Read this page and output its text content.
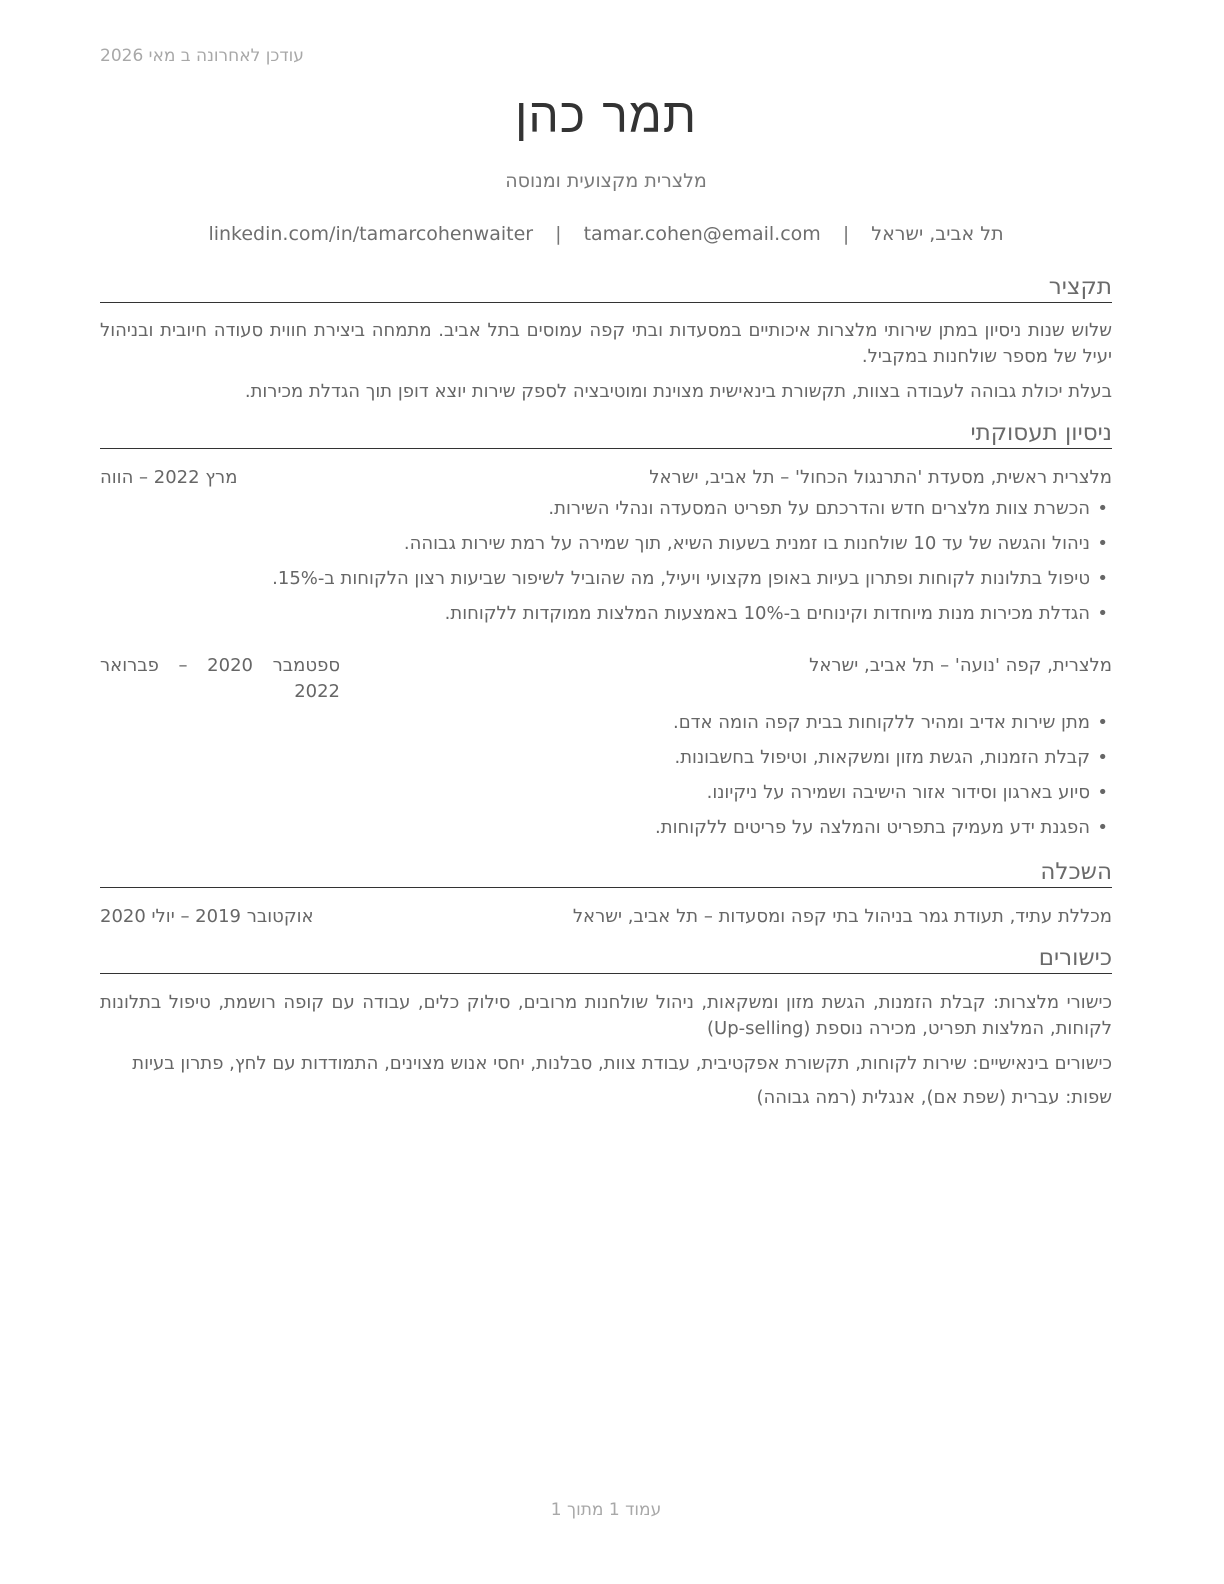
עודכן לאחרונה ב מאי 2026
תמר כהן
מלצרית מקצועית ומנוסה
תל אביב, ישראל | tamar.cohen@email.com | linkedin.com/in/tamarcohenwaiter
תקציר
שלוש שנות ניסיון במתן שירותי מלצרות איכותיים במסעדות ובתי קפה עמוסים בתל אביב. מתמחה ביצירת חווית סעודה חיובית ובניהול יעיל של מספר שולחנות במקביל.
בעלת יכולת גבוהה לעבודה בצוות, תקשורת בינאישית מצוינת ומוטיבציה לספק שירות יוצא דופן תוך הגדלת מכירות.
ניסיון תעסוקתי
מלצרית ראשית, מסעדת 'התרנגול הכחול' – תל אביב, ישראל
מרץ 2022 – הווה
• הכשרת צוות מלצרים חדש והדרכתם על תפריט המסעדה ונהלי השירות.
• ניהול והגשה של עד 10 שולחנות בו זמנית בשעות השיא, תוך שמירה על רמת שירות גבוהה.
• טיפול בתלונות לקוחות ופתרון בעיות באופן מקצועי ויעיל, מה שהוביל לשיפור שביעות רצון הלקוחות ב-15%.
• הגדלת מכירות מנות מיוחדות וקינוחים ב-10% באמצעות המלצות ממוקדות ללקוחות.
מלצרית, קפה 'נועה' – תל אביב, ישראל
ספטמבר 2020 – פברואר 2022
• מתן שירות אדיב ומהיר ללקוחות בבית קפה הומה אדם.
• קבלת הזמנות, הגשת מזון ומשקאות, וטיפול בחשבונות.
• סיוע בארגון וסידור אזור הישיבה ושמירה על ניקיונו.
• הפגנת ידע מעמיק בתפריט והמלצה על פריטים ללקוחות.
השכלה
מכללת עתיד, תעודת גמר בניהול בתי קפה ומסעדות – תל אביב, ישראל
אוקטובר 2019 – יולי 2020
כישורים
כישורי מלצרות: קבלת הזמנות, הגשת מזון ומשקאות, ניהול שולחנות מרובים, סילוק כלים, עבודה עם קופה רושמת, טיפול בתלונות לקוחות, המלצות תפריט, מכירה נוספת (Up-selling)
כישורים בינאישיים: שירות לקוחות, תקשורת אפקטיבית, עבודת צוות, סבלנות, יחסי אנוש מצוינים, התמודדות עם לחץ, פתרון בעיות
שפות: עברית (שפת אם), אנגלית (רמה גבוהה)
עמוד 1 מתוך 1
